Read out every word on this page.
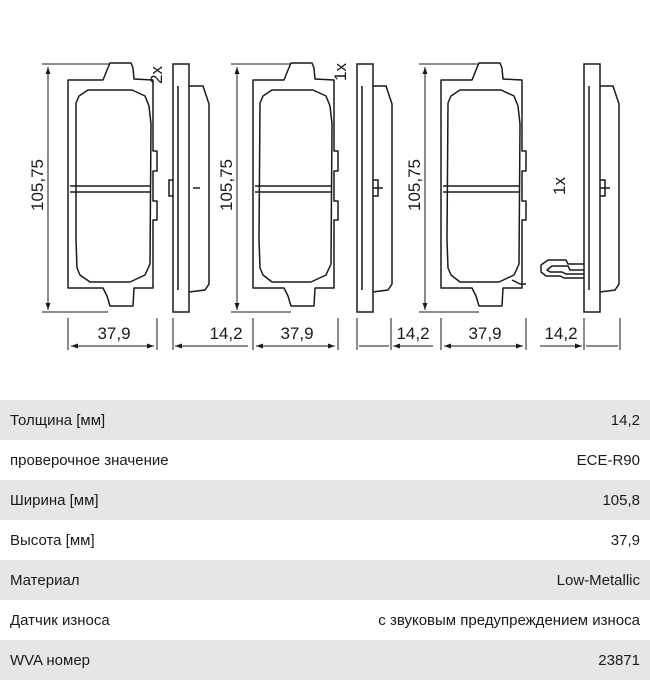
2x
105,75
37,9	14,2
1x
105,75
37,9	14,2
1x
105,75
37,9	14,2
Толщина [мм]	14,2
проверочное значение	ECE-R90
Ширина [мм]	105,8
Высота [мм]	37,9
Материал	Low-Metallic
Датчик износа	с звуковым предупреждением износа
WVA номер	23871
